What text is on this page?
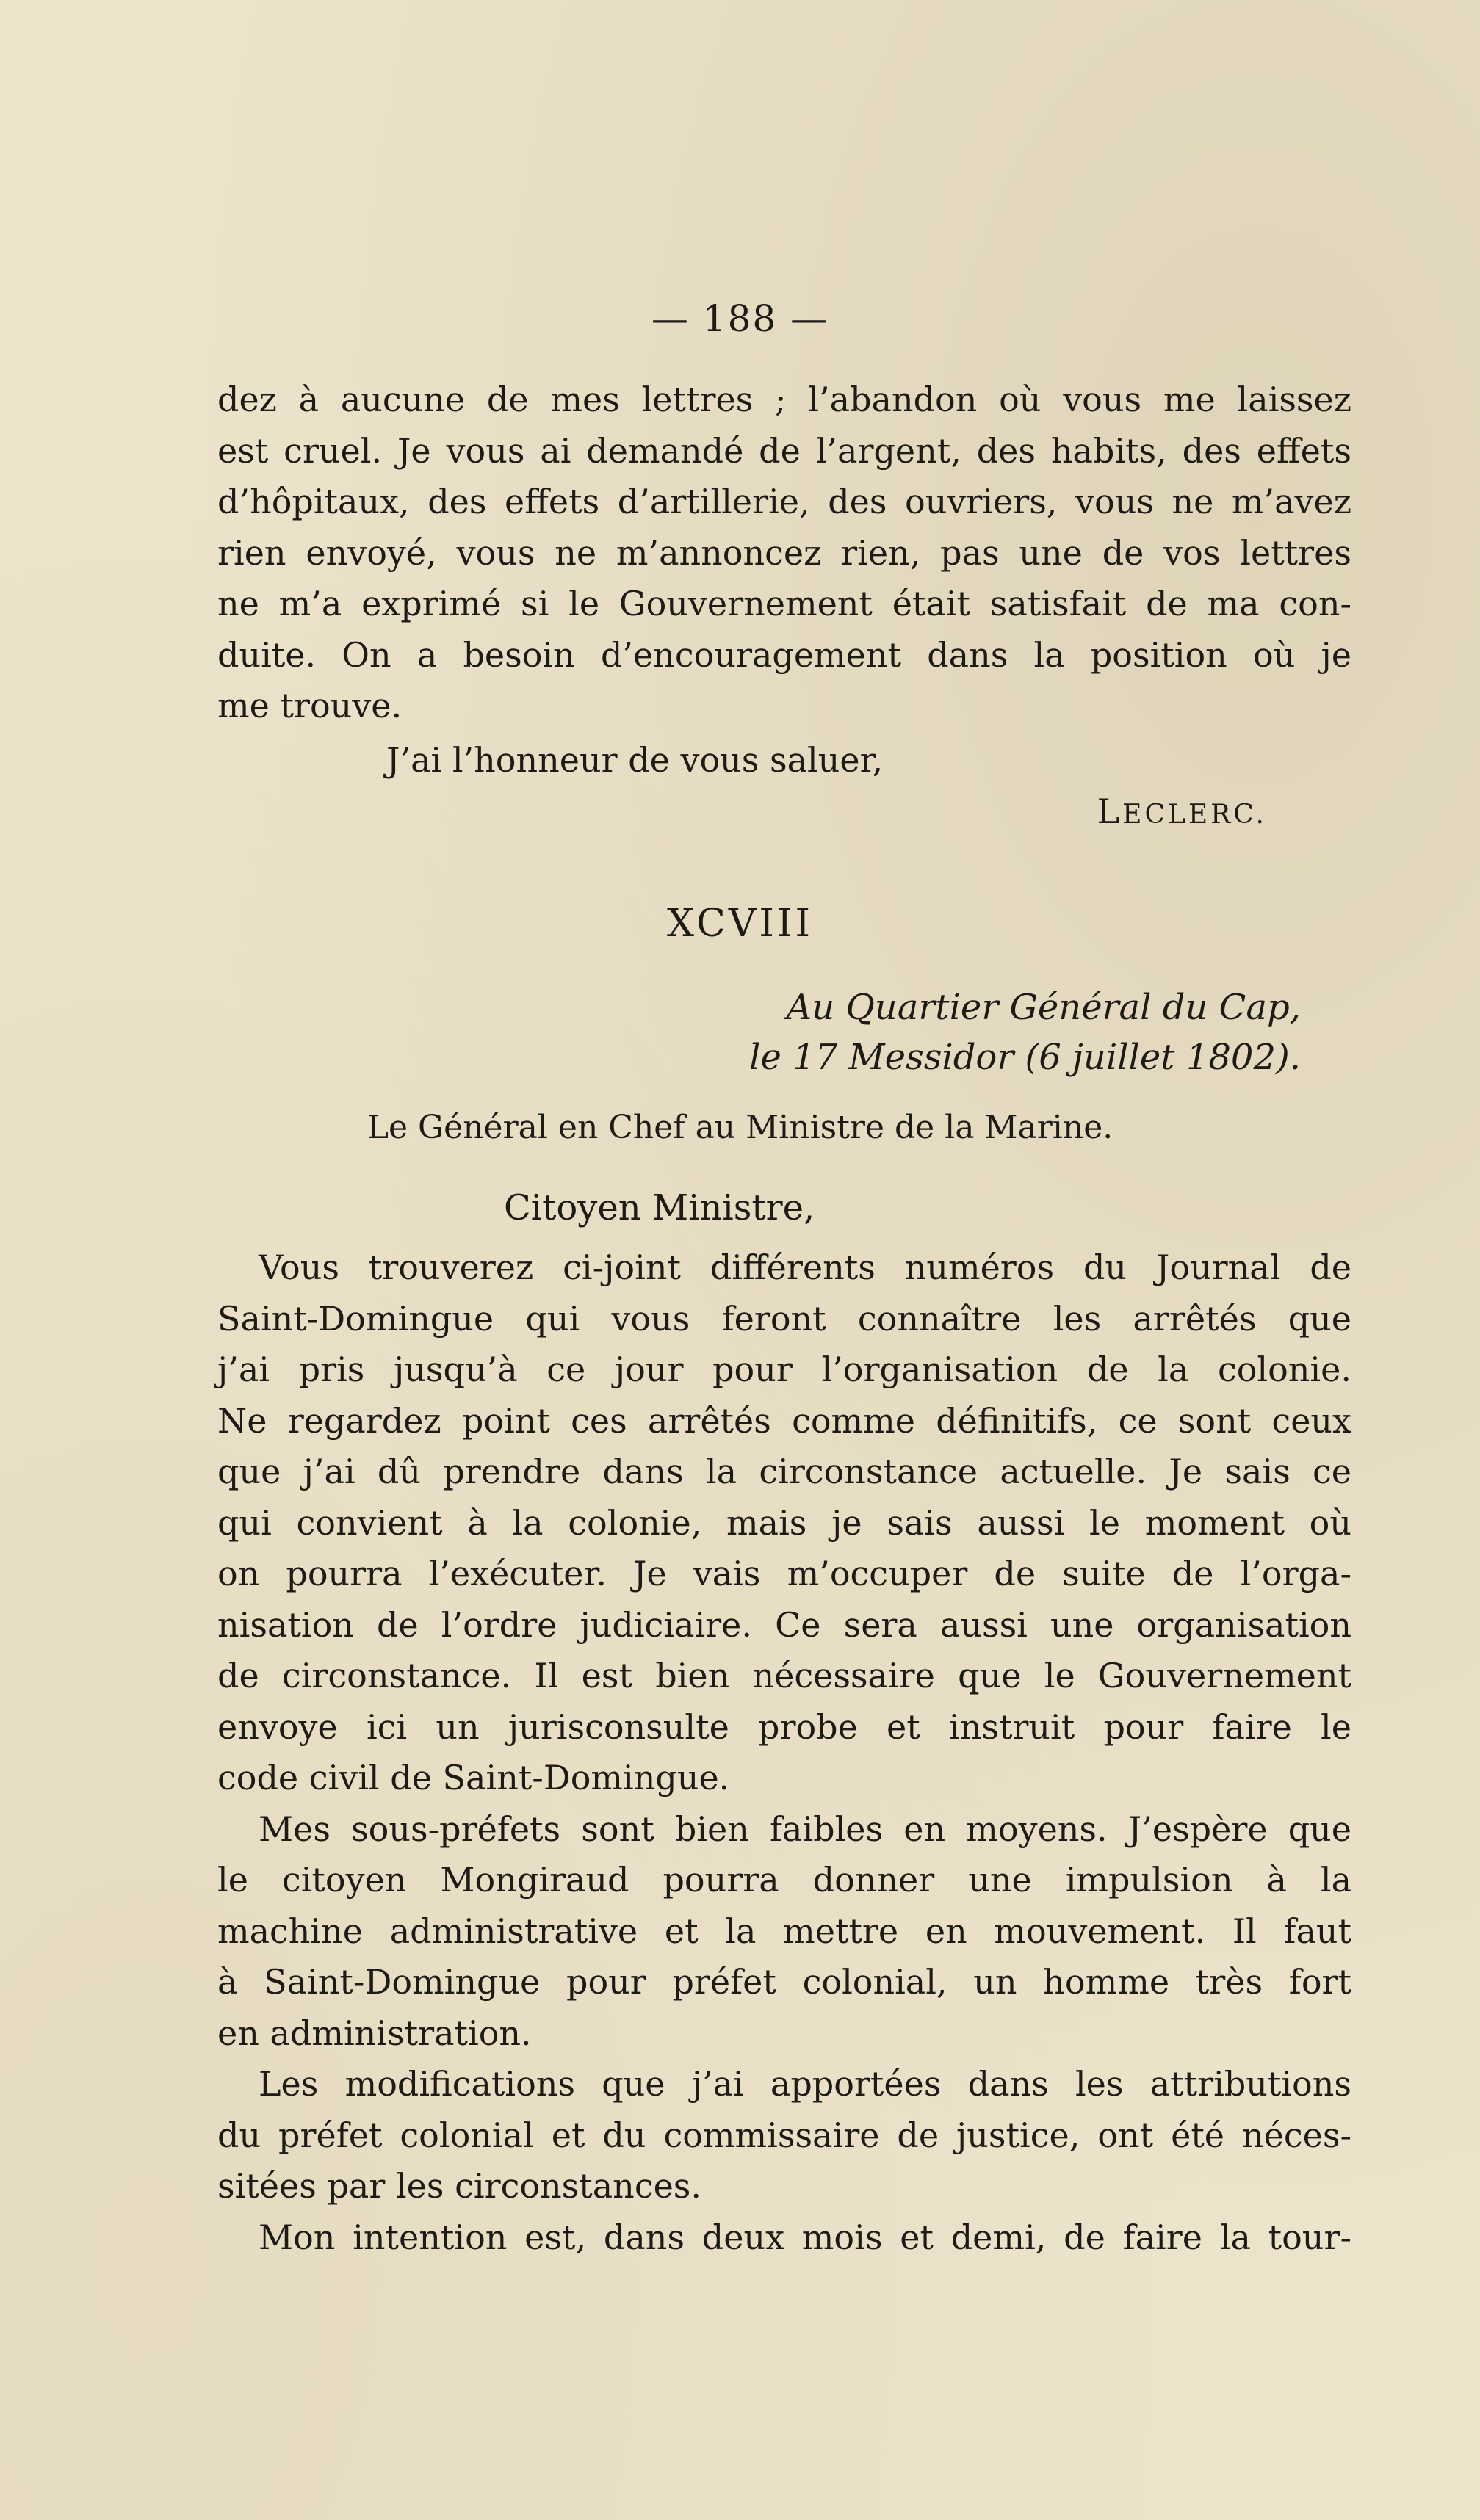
— 188 —
dez à aucune de mes lettres ; l’abandon où vous me laissez
est cruel. Je vous ai demandé de l’argent, des habits, des effets
d’hôpitaux, des effets d’artillerie, des ouvriers, vous ne m’avez
rien envoyé, vous ne m’annoncez rien, pas une de vos lettres
ne m’a exprimé si le Gouvernement était satisfait de ma con-
duite. On a besoin d’encouragement dans la position où je
me trouve.
J’ai l’honneur de vous saluer,
LECLERC.
XCVIII
Au Quartier Général du Cap,
le 17 Messidor (6 juillet 1802).
Le Général en Chef au Ministre de la Marine.
Citoyen Ministre,
Vous trouverez ci-joint différents numéros du Journal de
Saint-Domingue qui vous feront connaître les arrêtés que
j’ai pris jusqu’à ce jour pour l’organisation de la colonie.
Ne regardez point ces arrêtés comme définitifs, ce sont ceux
que j’ai dû prendre dans la circonstance actuelle. Je sais ce
qui convient à la colonie, mais je sais aussi le moment où
on pourra l’exécuter. Je vais m’occuper de suite de l’orga-
nisation de l’ordre judiciaire. Ce sera aussi une organisation
de circonstance. Il est bien nécessaire que le Gouvernement
envoye ici un jurisconsulte probe et instruit pour faire le
code civil de Saint-Domingue.
Mes sous-préfets sont bien faibles en moyens. J’espère que
le citoyen Mongiraud pourra donner une impulsion à la
machine administrative et la mettre en mouvement. Il faut
à Saint-Domingue pour préfet colonial, un homme très fort
en administration.
Les modifications que j’ai apportées dans les attributions
du préfet colonial et du commissaire de justice, ont été néces-
sitées par les circonstances.
Mon intention est, dans deux mois et demi, de faire la tour-
